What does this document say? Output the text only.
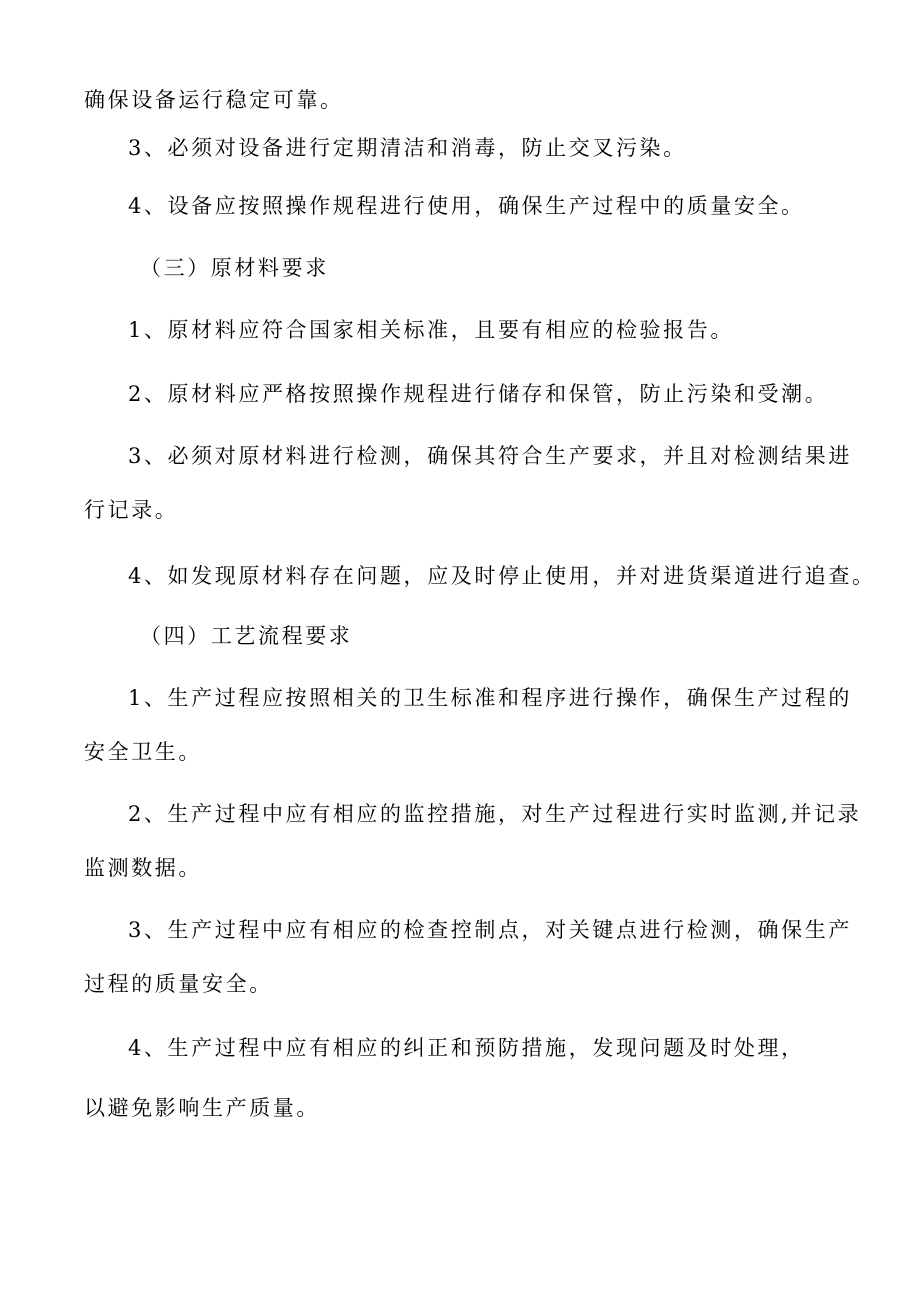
确保设备运行稳定可靠。
3、必须对设备进行定期清洁和消毒，防止交叉污染。
4、设备应按照操作规程进行使用，确保生产过程中的质量安全。
（三）原材料要求
1、原材料应符合国家相关标准，且要有相应的检验报告。
2、原材料应严格按照操作规程进行储存和保管，防止污染和受潮。
3、必须对原材料进行检测，确保其符合生产要求，并且对检测结果进
行记录。
4、如发现原材料存在问题，应及时停止使用，并对进货渠道进行追查。
（四）工艺流程要求
1、生产过程应按照相关的卫生标准和程序进行操作，确保生产过程的
安全卫生。
2、生产过程中应有相应的监控措施，对生产过程进行实时监测,并记录
监测数据。
3、生产过程中应有相应的检查控制点，对关键点进行检测，确保生产
过程的质量安全。
4、生产过程中应有相应的纠正和预防措施，发现问题及时处理，
以避免影响生产质量。
